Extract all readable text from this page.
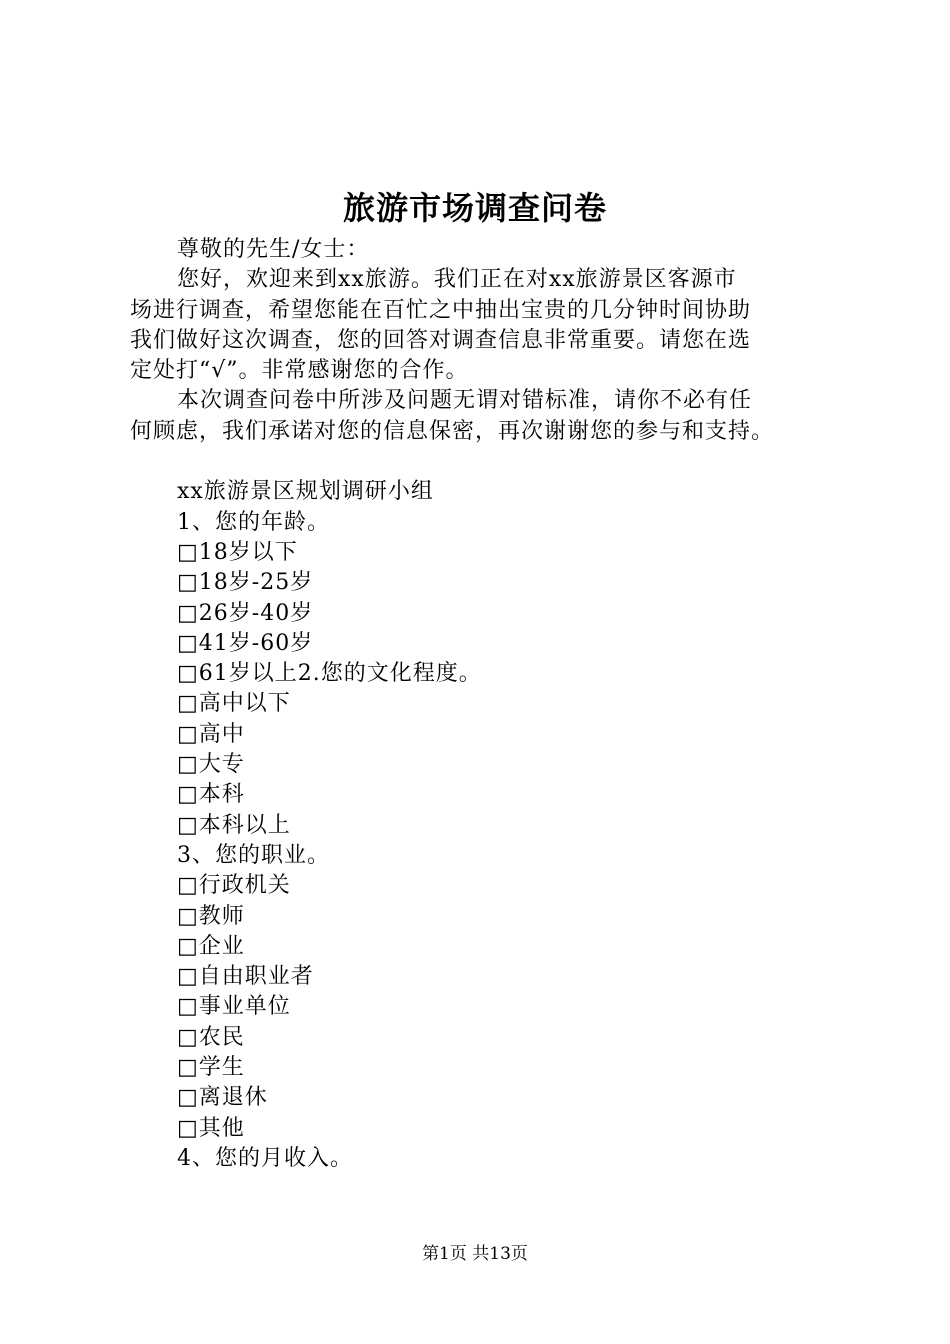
旅游市场调查问卷
尊敬的先生/女士：
您好，欢迎来到xx旅游。我们正在对xx旅游景区客源市
场进行调查，希望您能在百忙之中抽出宝贵的几分钟时间协助
我们做好这次调查，您的回答对调查信息非常重要。请您在选
定处打“√”。非常感谢您的合作。
本次调查问卷中所涉及问题无谓对错标准，请你不必有任
何顾虑，我们承诺对您的信息保密，再次谢谢您的参与和支持。
xx旅游景区规划调研小组
1、您的年龄。
□18岁以下
□18岁-25岁
□26岁-40岁
□41岁-60岁
□61岁以上2.您的文化程度。
□高中以下
□高中
□大专
□本科
□本科以上
3、您的职业。
□行政机关
□教师
□企业
□自由职业者
□事业单位
□农民
□学生
□离退休
□其他
4、您的月收入。
第1页 共13页
